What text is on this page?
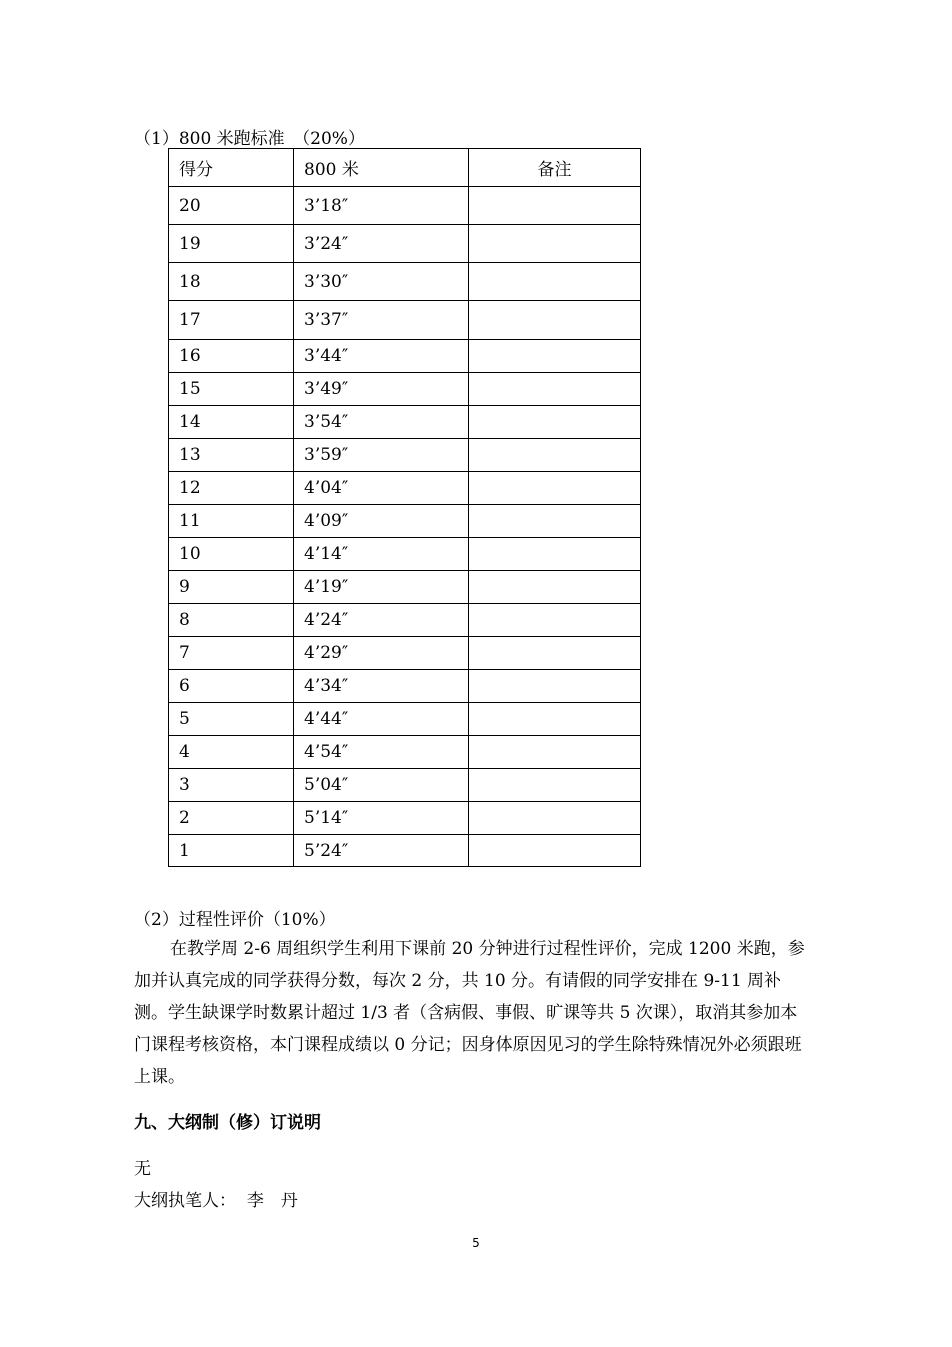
（1）800 米跑标准　（20%）
得分	800 米	备注
20	3’18″	
19	3’24″	
18	3’30″	
17	3’37″	
16	3’44″	
15	3’49″	
14	3’54″	
13	3’59″	
12	4’04″	
11	4’09″	
10	4’14″	
9	4’19″	
8	4’24″	
7	4’29″	
6	4’34″	
5	4’44″	
4	4’54″	
3	5’04″	
2	5’14″	
1	5’24″	
（2）过程性评价（10%）
在教学周 2-6 周组织学生利用下课前 20 分钟进行过程性评价，完成 1200 米跑，参加并认真完成的同学获得分数，每次 2 分，共 10 分。有请假的同学安排在 9-11 周补测。学生缺课学时数累计超过 1/3 者（含病假、事假、旷课等共 5 次课），取消其参加本门课程考核资格，本门课程成绩以 0 分记；因身体原因见习的学生除特殊情况外必须跟班上课。
九、大纲制（修）订说明
无
大纲执笔人： 李　丹
5
